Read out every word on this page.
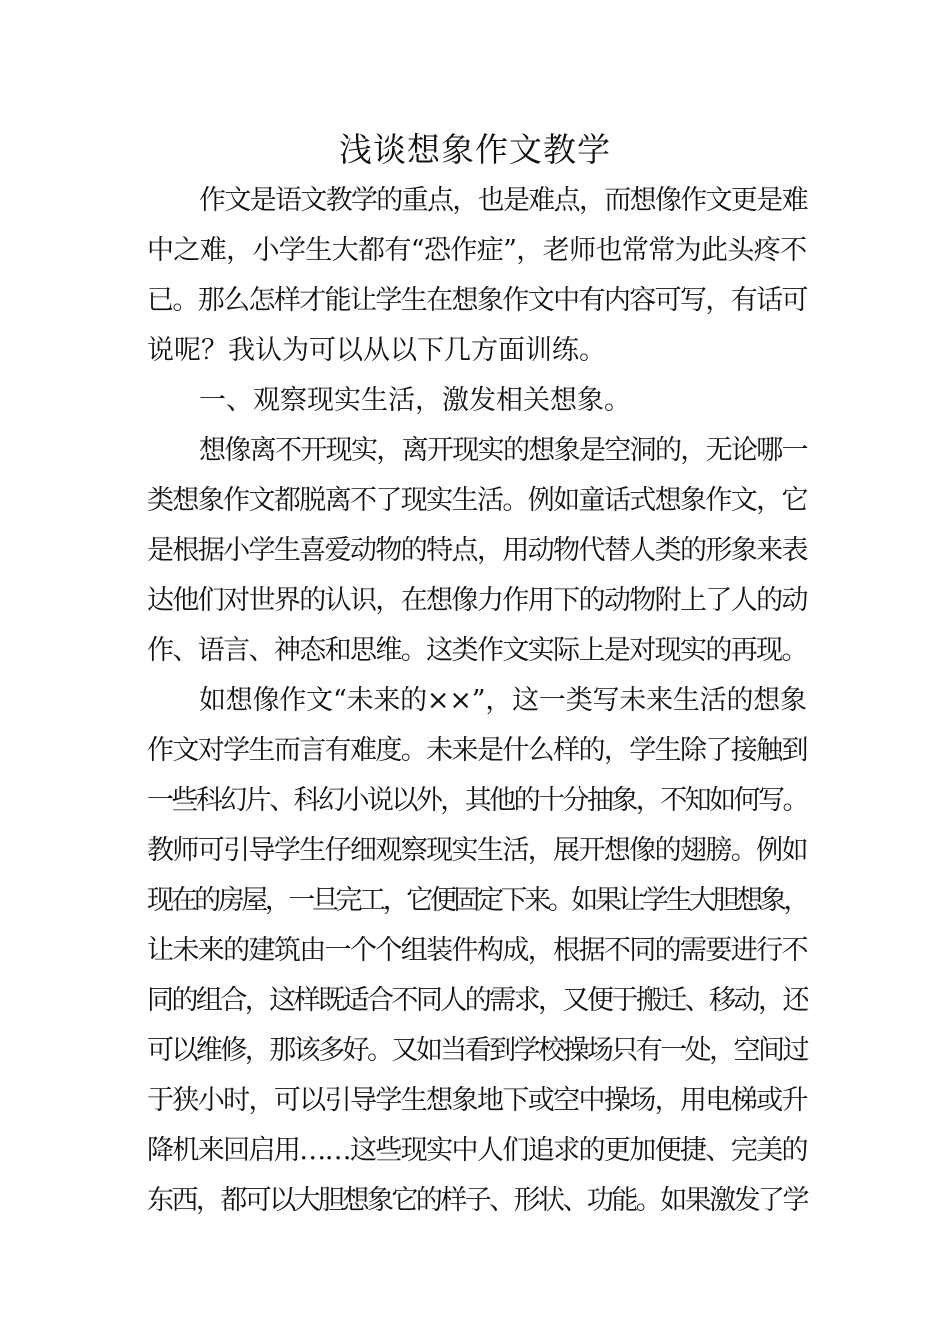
浅谈想象作文教学

作文是语文教学的重点，也是难点，而想像作文更是难

中之难，小学生大都有“恐作症”，老师也常常为此头疼不

已。那么怎样才能让学生在想象作文中有内容可写，有话可

说呢？我认为可以从以下几方面训练。

一、观察现实生活，激发相关想象。

想像离不开现实，离开现实的想象是空洞的，无论哪一

类想象作文都脱离不了现实生活。例如童话式想象作文，它

是根据小学生喜爱动物的特点，用动物代替人类的形象来表

达他们对世界的认识，在想像力作用下的动物附上了人的动

作、语言、神态和思维。这类作文实际上是对现实的再现。

如想像作文“未来的××”，这一类写未来生活的想象

作文对学生而言有难度。未来是什么样的，学生除了接触到

一些科幻片、科幻小说以外，其他的十分抽象，不知如何写。

教师可引导学生仔细观察现实生活，展开想像的翅膀。例如

现在的房屋，一旦完工，它便固定下来。如果让学生大胆想象，

让未来的建筑由一个个组装件构成，根据不同的需要进行不

同的组合，这样既适合不同人的需求，又便于搬迁、移动，还

可以维修，那该多好。又如当看到学校操场只有一处，空间过

于狭小时，可以引导学生想象地下或空中操场，用电梯或升

降机来回启用……这些现实中人们追求的更加便捷、完美的

东西，都可以大胆想象它的样子、形状、功能。如果激发了学
